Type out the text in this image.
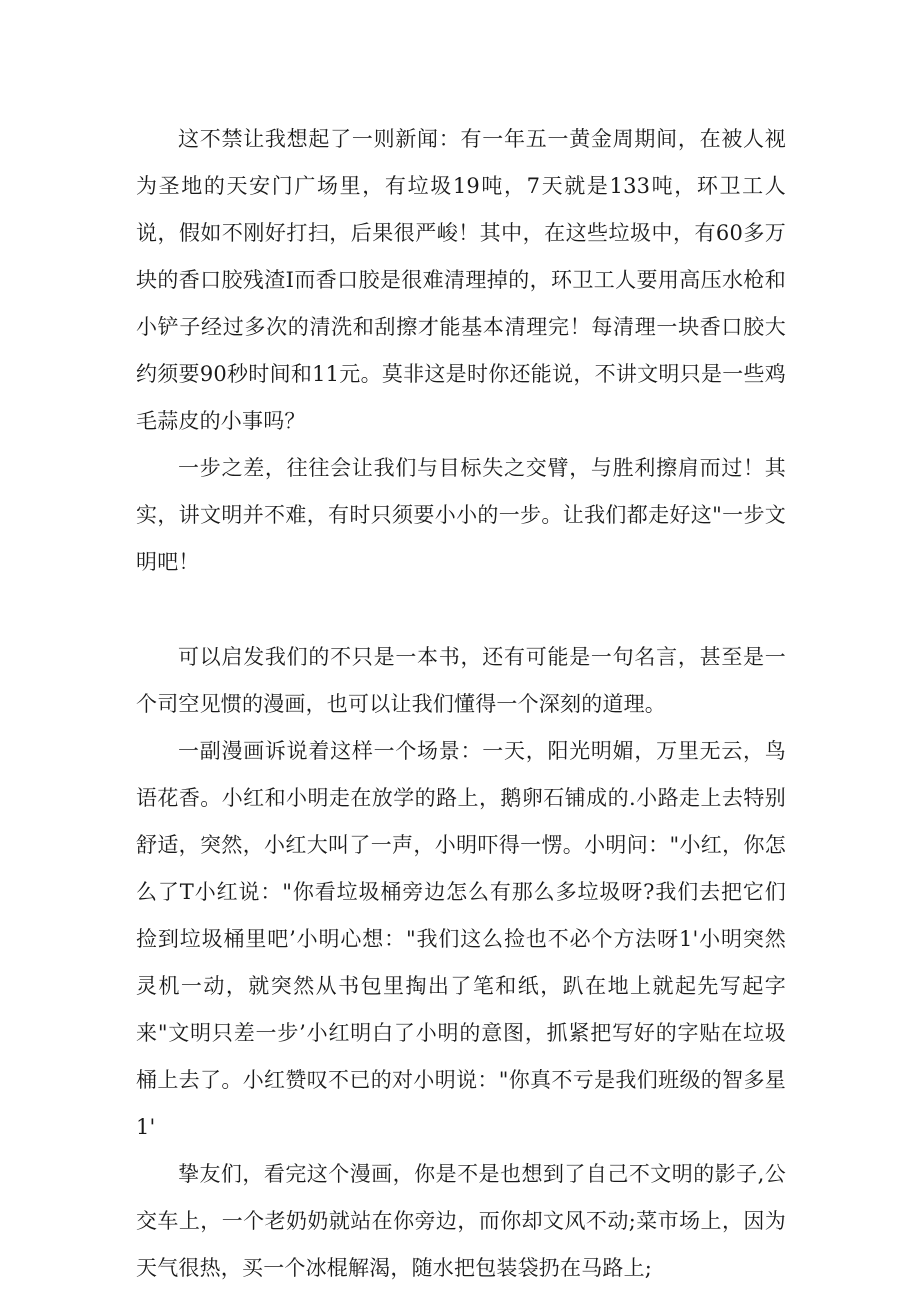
这不禁让我想起了一则新闻：有一年五一黄金周期间，在被人视为圣地的天安门广场里，有垃圾19吨，7天就是133吨，环卫工人说，假如不刚好打扫，后果很严峻！其中，在这些垃圾中，有60多万块的香口胶残渣I而香口胶是很难清理掉的，环卫工人要用高压水枪和小铲子经过多次的清洗和刮擦才能基本清理完！每清理一块香口胶大约须要90秒时间和11元。莫非这是时你还能说，不讲文明只是一些鸡毛蒜皮的小事吗？

一步之差，往往会让我们与目标失之交臂，与胜利擦肩而过！其实，讲文明并不难，有时只须要小小的一步。让我们都走好这"一步文明吧！

可以启发我们的不只是一本书，还有可能是一句名言，甚至是一个司空见惯的漫画，也可以让我们懂得一个深刻的道理。

一副漫画诉说着这样一个场景：一天，阳光明媚，万里无云，鸟语花香。小红和小明走在放学的路上，鹅卵石铺成的.小路走上去特别舒适，突然，小红大叫了一声，小明吓得一愣。小明问："小红，你怎么了T小红说："你看垃圾桶旁边怎么有那么多垃圾呀?我们去把它们捡到垃圾桶里吧’小明心想："我们这么捡也不必个方法呀1'小明突然灵机一动，就突然从书包里掏出了笔和纸，趴在地上就起先写起字来"文明只差一步’小红明白了小明的意图，抓紧把写好的字贴在垃圾桶上去了。小红赞叹不已的对小明说："你真不亏是我们班级的智多星1'

挚友们，看完这个漫画，你是不是也想到了自己不文明的影子,公交车上，一个老奶奶就站在你旁边，而你却文风不动;菜市场上，因为天气很热，买一个冰棍解渴，随水把包装袋扔在马路上;
